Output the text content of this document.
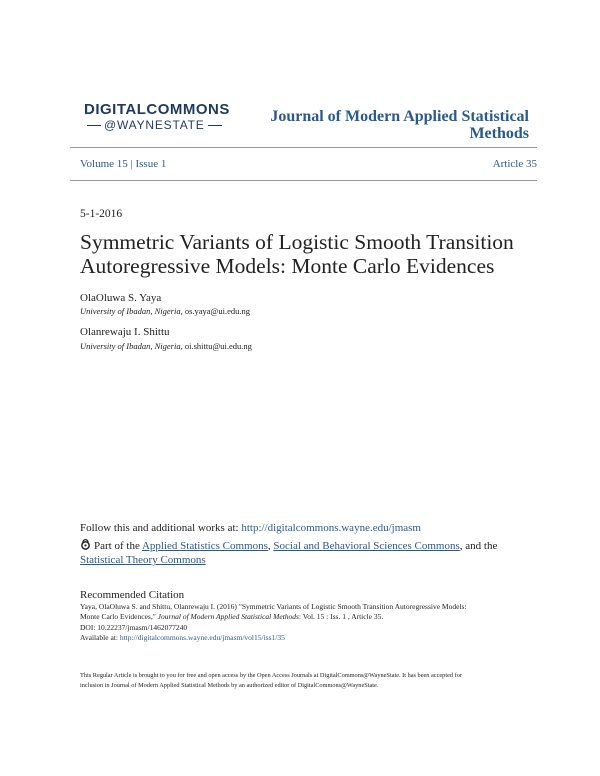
DIGITALCOMMONS
@WAYNESTATE	Journal of Modern Applied Statistical
Methods
Volume 15 | Issue 1	Article 35
5-1-2016
Symmetric Variants of Logistic Smooth Transition Autoregressive Models: Monte Carlo Evidences
OlaOluwa S. Yaya
University of Ibadan, Nigeria, os.yaya@ui.edu.ng
Olanrewaju I. Shittu
University of Ibadan, Nigeria, oi.shittu@ui.edu.ng
Follow this and additional works at: http://digitalcommons.wayne.edu/jmasm
Part of the Applied Statistics Commons, Social and Behavioral Sciences Commons, and the
Statistical Theory Commons
Recommended Citation
Yaya, OlaOluwa S. and Shittu, Olanrewaju I. (2016) "Symmetric Variants of Logistic Smooth Transition Autoregressive Models:
Monte Carlo Evidences," Journal of Modern Applied Statistical Methods: Vol. 15 : Iss. 1 , Article 35.
DOI: 10.22237/jmasm/1462077240
Available at: http://digitalcommons.wayne.edu/jmasm/vol15/iss1/35
This Regular Article is brought to you for free and open access by the Open Access Journals at DigitalCommons@WayneState. It has been accepted for
inclusion in Journal of Modern Applied Statistical Methods by an authorized editor of DigitalCommons@WayneState.
